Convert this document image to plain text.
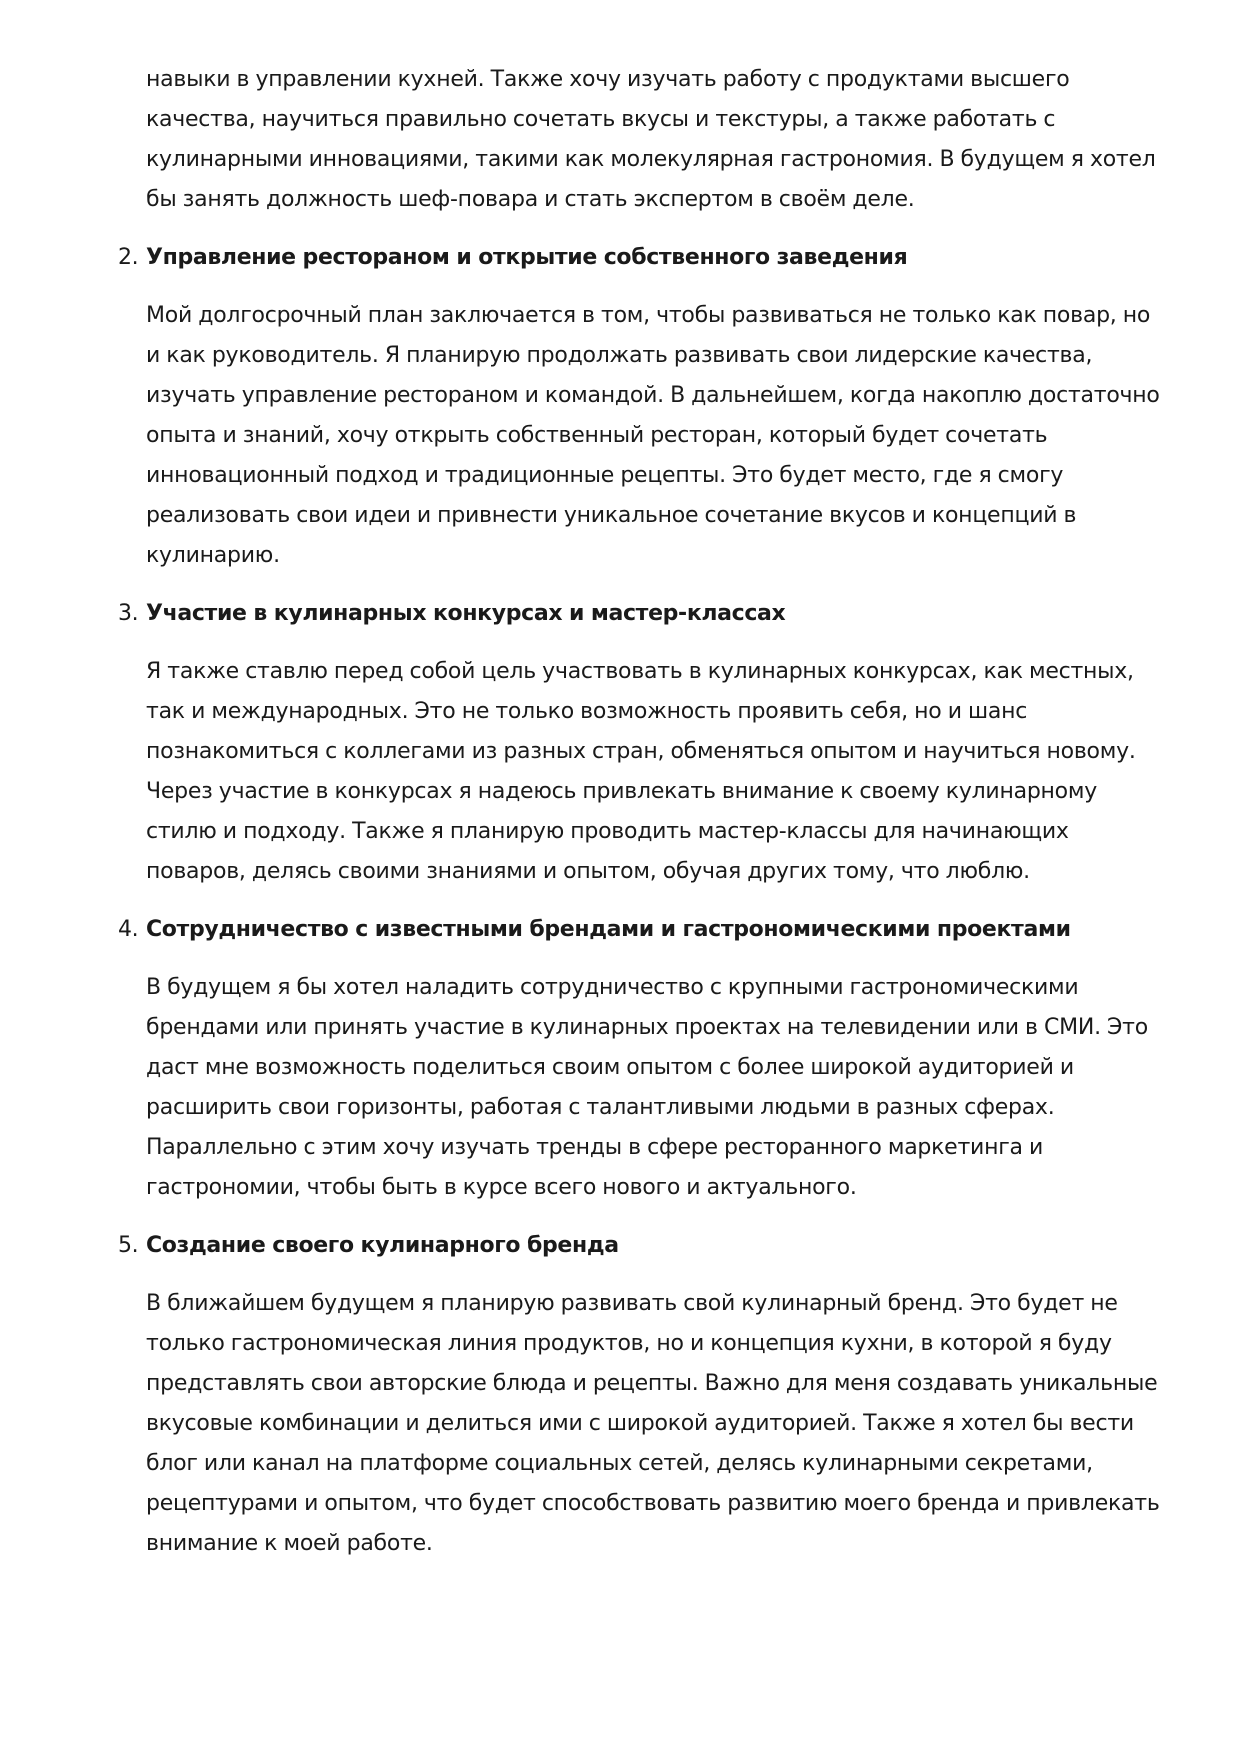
навыки в управлении кухней. Также хочу изучать работу с продуктами высшего качества, научиться правильно сочетать вкусы и текстуры, а также работать с кулинарными инновациями, такими как молекулярная гастрономия. В будущем я хотел бы занять должность шеф-повара и стать экспертом в своём деле.

2. Управление рестораном и открытие собственного заведения

Мой долгосрочный план заключается в том, чтобы развиваться не только как повар, но и как руководитель. Я планирую продолжать развивать свои лидерские качества, изучать управление рестораном и командой. В дальнейшем, когда накоплю достаточно опыта и знаний, хочу открыть собственный ресторан, который будет сочетать инновационный подход и традиционные рецепты. Это будет место, где я смогу реализовать свои идеи и привнести уникальное сочетание вкусов и концепций в кулинарию.

3. Участие в кулинарных конкурсах и мастер-классах

Я также ставлю перед собой цель участвовать в кулинарных конкурсах, как местных, так и международных. Это не только возможность проявить себя, но и шанс познакомиться с коллегами из разных стран, обменяться опытом и научиться новому. Через участие в конкурсах я надеюсь привлекать внимание к своему кулинарному стилю и подходу. Также я планирую проводить мастер-классы для начинающих поваров, делясь своими знаниями и опытом, обучая других тому, что люблю.

4. Сотрудничество с известными брендами и гастрономическими проектами

В будущем я бы хотел наладить сотрудничество с крупными гастрономическими брендами или принять участие в кулинарных проектах на телевидении или в СМИ. Это даст мне возможность поделиться своим опытом с более широкой аудиторией и расширить свои горизонты, работая с талантливыми людьми в разных сферах. Параллельно с этим хочу изучать тренды в сфере ресторанного маркетинга и гастрономии, чтобы быть в курсе всего нового и актуального.

5. Создание своего кулинарного бренда

В ближайшем будущем я планирую развивать свой кулинарный бренд. Это будет не только гастрономическая линия продуктов, но и концепция кухни, в которой я буду представлять свои авторские блюда и рецепты. Важно для меня создавать уникальные вкусовые комбинации и делиться ими с широкой аудиторией. Также я хотел бы вести блог или канал на платформе социальных сетей, делясь кулинарными секретами, рецептурами и опытом, что будет способствовать развитию моего бренда и привлекать внимание к моей работе.
